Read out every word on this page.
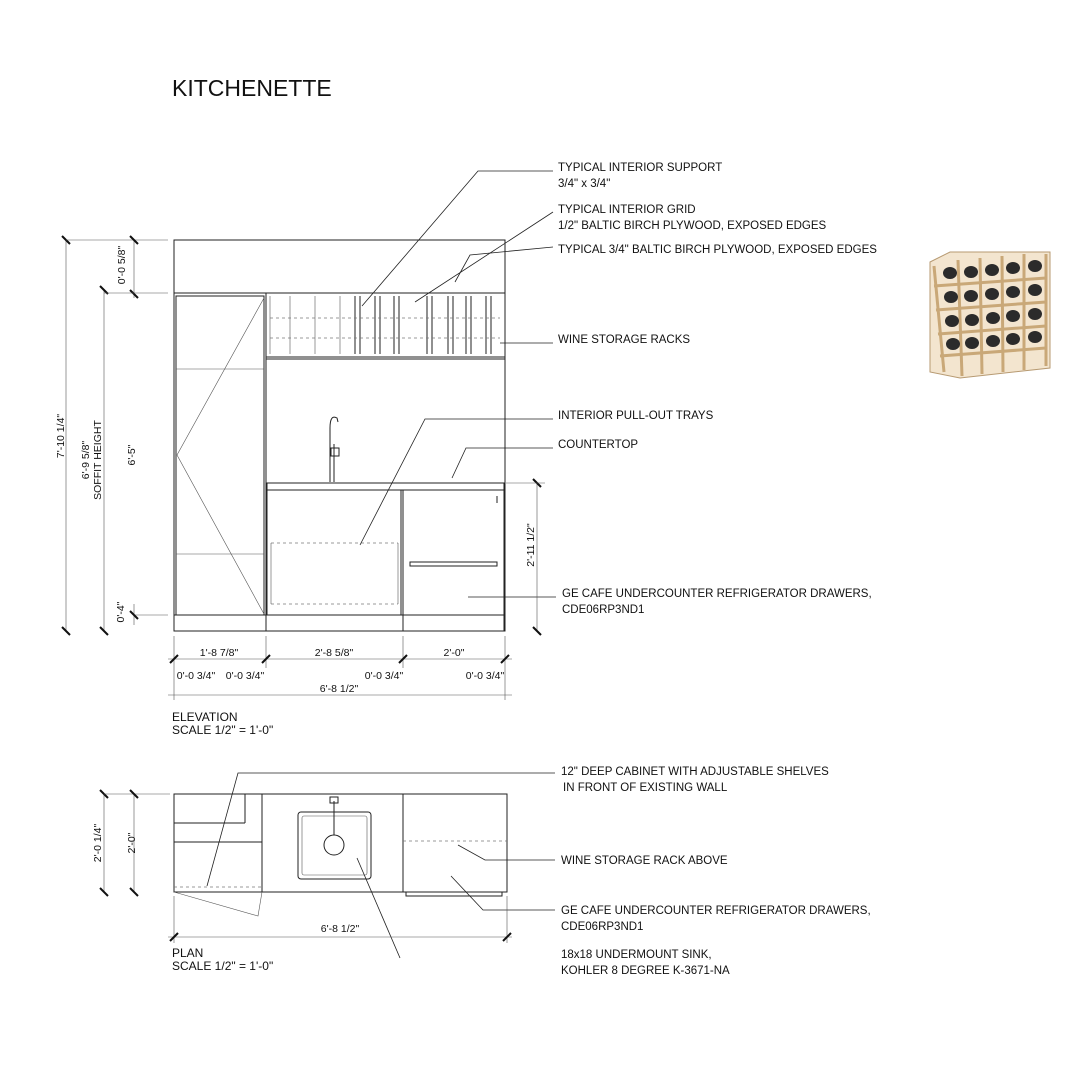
KITCHENETTE
TYPICAL INTERIOR SUPPORT
3/4" x 3/4"
TYPICAL INTERIOR GRID
1/2" BALTIC BIRCH PLYWOOD, EXPOSED EDGES
TYPICAL 3/4" BALTIC BIRCH PLYWOOD, EXPOSED EDGES
WINE STORAGE RACKS
INTERIOR PULL-OUT TRAYS
COUNTERTOP
GE CAFE UNDERCOUNTER REFRIGERATOR DRAWERS,
CDE06RP3ND1
7'-10 1/4"
6'-9 5/8" SOFFIT HEIGHT
0'-0 5/8"
6'-5"
0'-4"
2'-11 1/2"
1'-8 7/8"	2'-8 5/8"	2'-0"
0'-0 3/4" 0'-0 3/4"	0'-0 3/4"	0'-0 3/4"
6'-8 1/2"
ELEVATION
SCALE 1/2" = 1'-0"
12" DEEP CABINET WITH ADJUSTABLE SHELVES
IN FRONT OF EXISTING WALL
WINE STORAGE RACK ABOVE
GE CAFE UNDERCOUNTER REFRIGERATOR DRAWERS,
CDE06RP3ND1
18x18 UNDERMOUNT SINK,
KOHLER 8 DEGREE K-3671-NA
2'-0 1/4" 2'-0"
6'-8 1/2"
PLAN
SCALE 1/2" = 1'-0"
